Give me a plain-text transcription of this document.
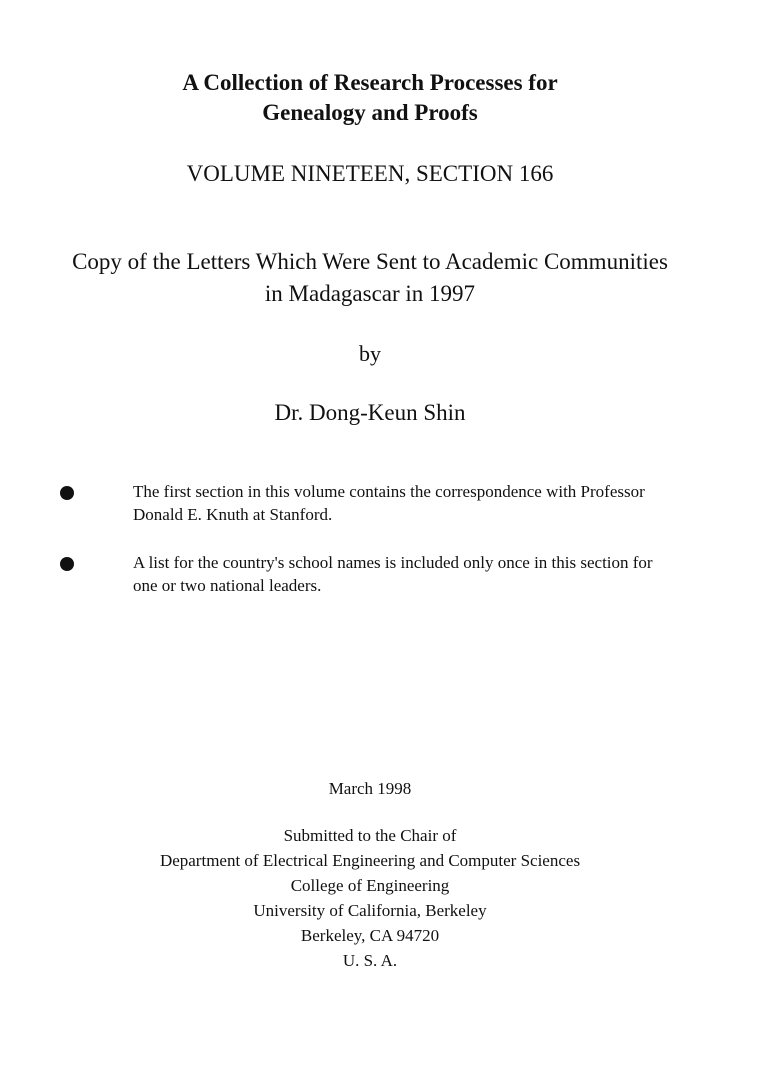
A Collection of Research Processes for
Genealogy and Proofs
VOLUME NINETEEN, SECTION 166
Copy of the Letters Which Were Sent to Academic Communities
in Madagascar in 1997
by
Dr. Dong-Keun Shin
The first section in this volume contains the correspondence with Professor
Donald E. Knuth at Stanford.
A list for the country's school names is included only once in this section for
one or two national leaders.
March 1998
Submitted to the Chair of
Department of Electrical Engineering and Computer Sciences
College of Engineering
University of California, Berkeley
Berkeley, CA 94720
U. S. A.
